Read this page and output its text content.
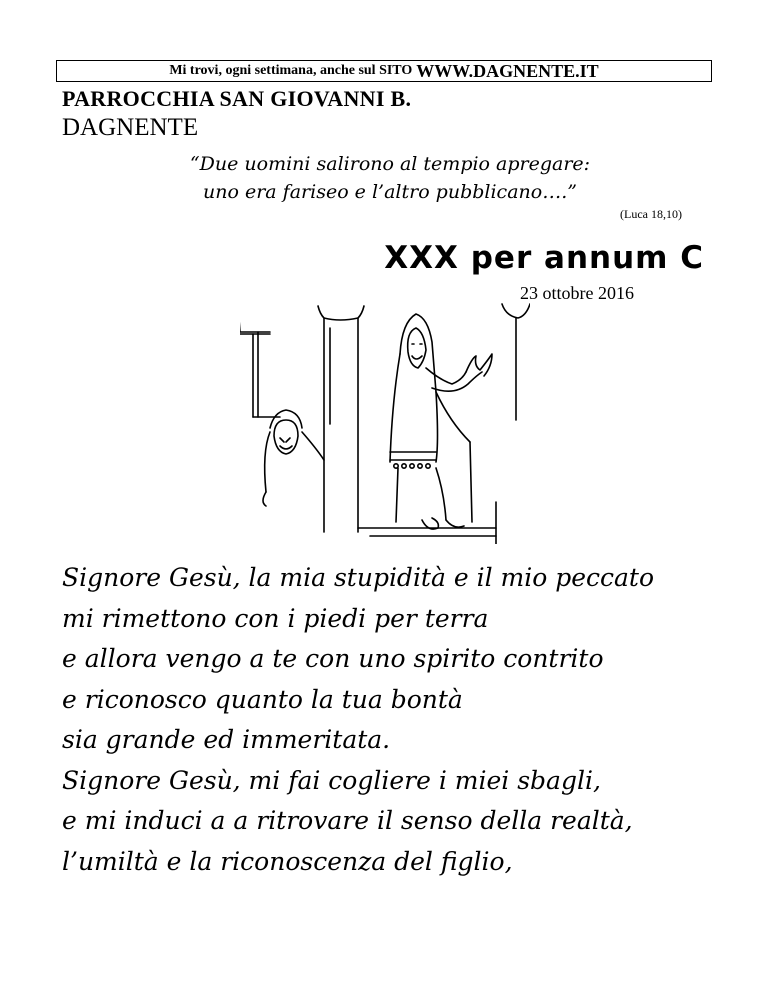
Mi trovi, ogni settimana, anche sul SITO WWW.DAGNENTE.IT
PARROCCHIA SAN GIOVANNI B.
DAGNENTE
“Due uomini salirono al tempio apregare:
uno era fariseo e l’altro pubblicano….”
(Luca 18,10)
XXX per annum C
23 ottobre 2016
Signore Gesù, la mia stupidità e il mio peccato
mi rimettono con i piedi per terra
e allora vengo a te con uno spirito contrito
e riconosco quanto la tua bontà
sia grande ed immeritata.
Signore Gesù, mi fai cogliere i miei sbagli,
e mi induci a a ritrovare il senso della realtà,
l’umiltà e la riconoscenza del figlio,
